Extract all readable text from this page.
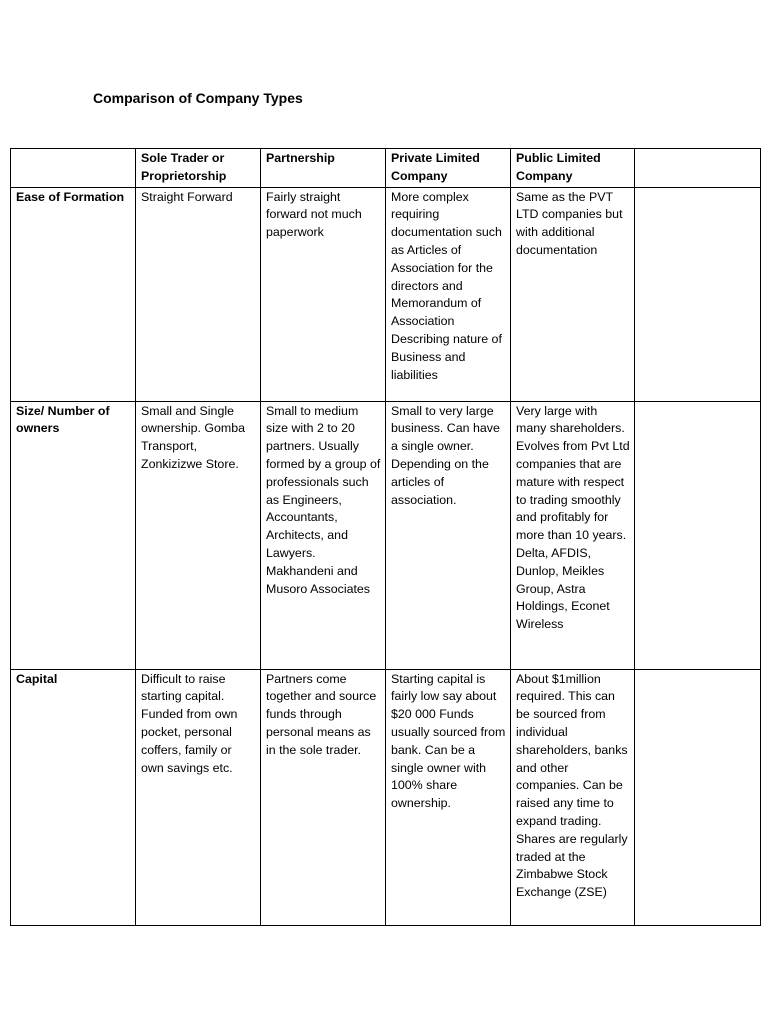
Comparison of Company Types
	Sole Trader or Proprietorship	Partnership	Private Limited Company	Public Limited Company	
Ease of Formation	Straight Forward	Fairly straight forward not much paperwork	More complex requiring documentation such as Articles of Association for the directors and Memorandum of Association Describing nature of Business and liabilities	Same as the PVT LTD companies but with additional documentation	
Size/ Number of owners	Small and Single ownership. Gomba Transport, Zonkizizwe Store.	Small to medium size with 2 to 20 partners. Usually formed by a group of professionals such as Engineers, Accountants, Architects, and Lawyers. Makhandeni and Musoro Associates	Small to very large business. Can have a single owner. Depending on the articles of association.	Very large with many shareholders. Evolves from Pvt Ltd companies that are mature with respect to trading smoothly and profitably for more than 10 years. Delta, AFDIS, Dunlop, Meikles Group, Astra Holdings, Econet Wireless	
Capital	Difficult to raise starting capital. Funded from own pocket, personal coffers, family or own savings etc.	Partners come together and source funds through personal means as in the sole trader.	Starting capital is fairly low say about $20 000 Funds usually sourced from bank. Can be a single owner with 100% share ownership.	About $1million required. This can be sourced from individual shareholders, banks and other companies. Can be raised any time to expand trading. Shares are regularly traded at the Zimbabwe Stock Exchange (ZSE)	
